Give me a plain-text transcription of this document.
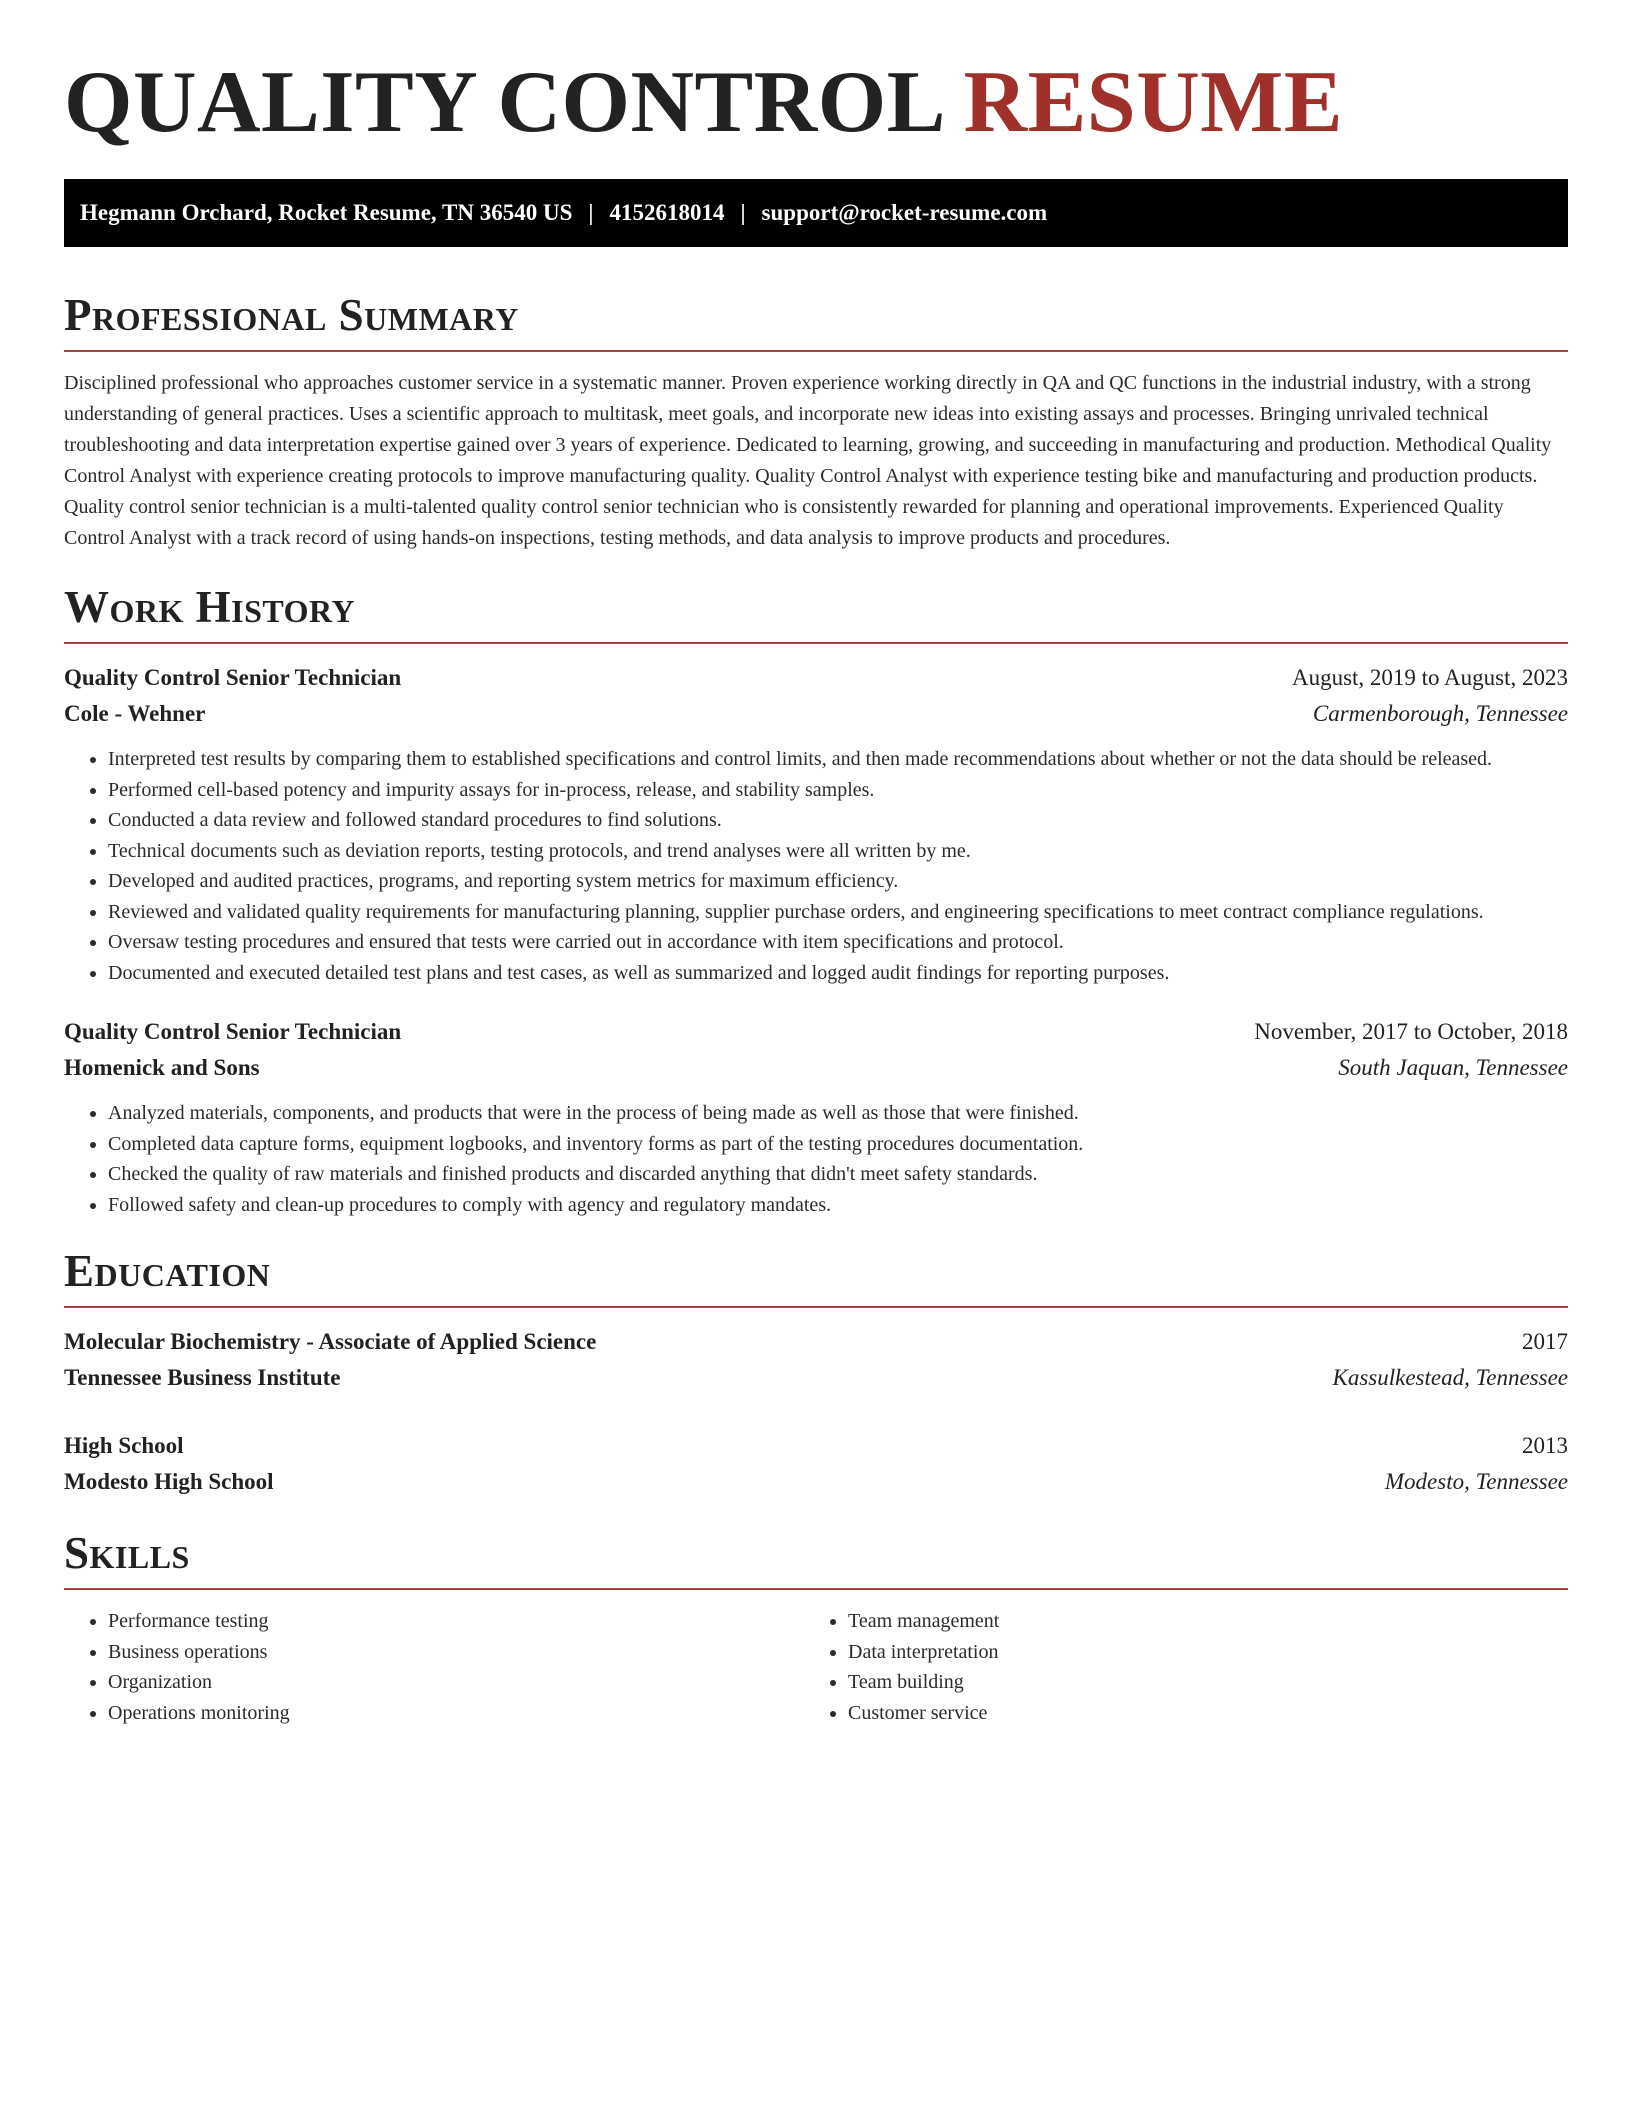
QUALITY CONTROL RESUME
Hegmann Orchard, Rocket Resume, TN 36540 US | 4152618014 | support@rocket-resume.com
Professional Summary

Disciplined professional who approaches customer service in a systematic manner. Proven experience working directly in QA and QC functions in the industrial industry, with a strong understanding of general practices. Uses a scientific approach to multitask, meet goals, and incorporate new ideas into existing assays and processes. Bringing unrivaled technical troubleshooting and data interpretation expertise gained over 3 years of experience. Dedicated to learning, growing, and succeeding in manufacturing and production. Methodical Quality Control Analyst with experience creating protocols to improve manufacturing quality. Quality Control Analyst with experience testing bike and manufacturing and production products. Quality control senior technician is a multi-talented quality control senior technician who is consistently rewarded for planning and operational improvements. Experienced Quality Control Analyst with a track record of using hands-on inspections, testing methods, and data analysis to improve products and procedures.

Work History
Quality Control Senior Technician	August, 2019 to August, 2023
Cole - Wehner	Carmenborough, Tennessee
• Interpreted test results by comparing them to established specifications and control limits, and then made recommendations about whether or not the data should be released.
• Performed cell-based potency and impurity assays for in-process, release, and stability samples.
• Conducted a data review and followed standard procedures to find solutions.
• Technical documents such as deviation reports, testing protocols, and trend analyses were all written by me.
• Developed and audited practices, programs, and reporting system metrics for maximum efficiency.
• Reviewed and validated quality requirements for manufacturing planning, supplier purchase orders, and engineering specifications to meet contract compliance regulations.
• Oversaw testing procedures and ensured that tests were carried out in accordance with item specifications and protocol.
• Documented and executed detailed test plans and test cases, as well as summarized and logged audit findings for reporting purposes.
Quality Control Senior Technician	November, 2017 to October, 2018
Homenick and Sons	South Jaquan, Tennessee
• Analyzed materials, components, and products that were in the process of being made as well as those that were finished.
• Completed data capture forms, equipment logbooks, and inventory forms as part of the testing procedures documentation.
• Checked the quality of raw materials and finished products and discarded anything that didn't meet safety standards.
• Followed safety and clean-up procedures to comply with agency and regulatory mandates.
Education
Molecular Biochemistry - Associate of Applied Science	2017
Tennessee Business Institute	Kassulkestead, Tennessee
High School	2013
Modesto High School	Modesto, Tennessee
Skills
• Performance testing
• Business operations
• Organization
• Operations monitoring
• Team management
• Data interpretation
• Team building
• Customer service
